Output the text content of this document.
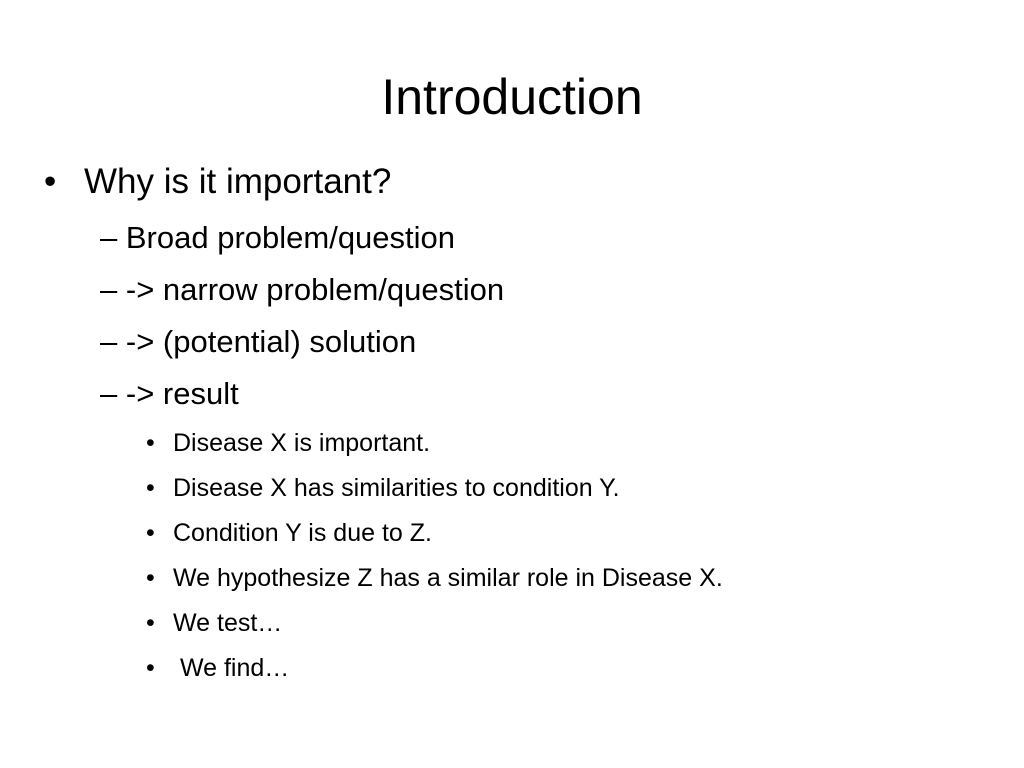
Introduction
• Why is it important?
– Broad problem/question
– -> narrow problem/question
– -> (potential) solution
– -> result
• Disease X is important.
• Disease X has similarities to condition Y.
• Condition Y is due to Z.
• We hypothesize Z has a similar role in Disease X.
• We test…
• We find…
